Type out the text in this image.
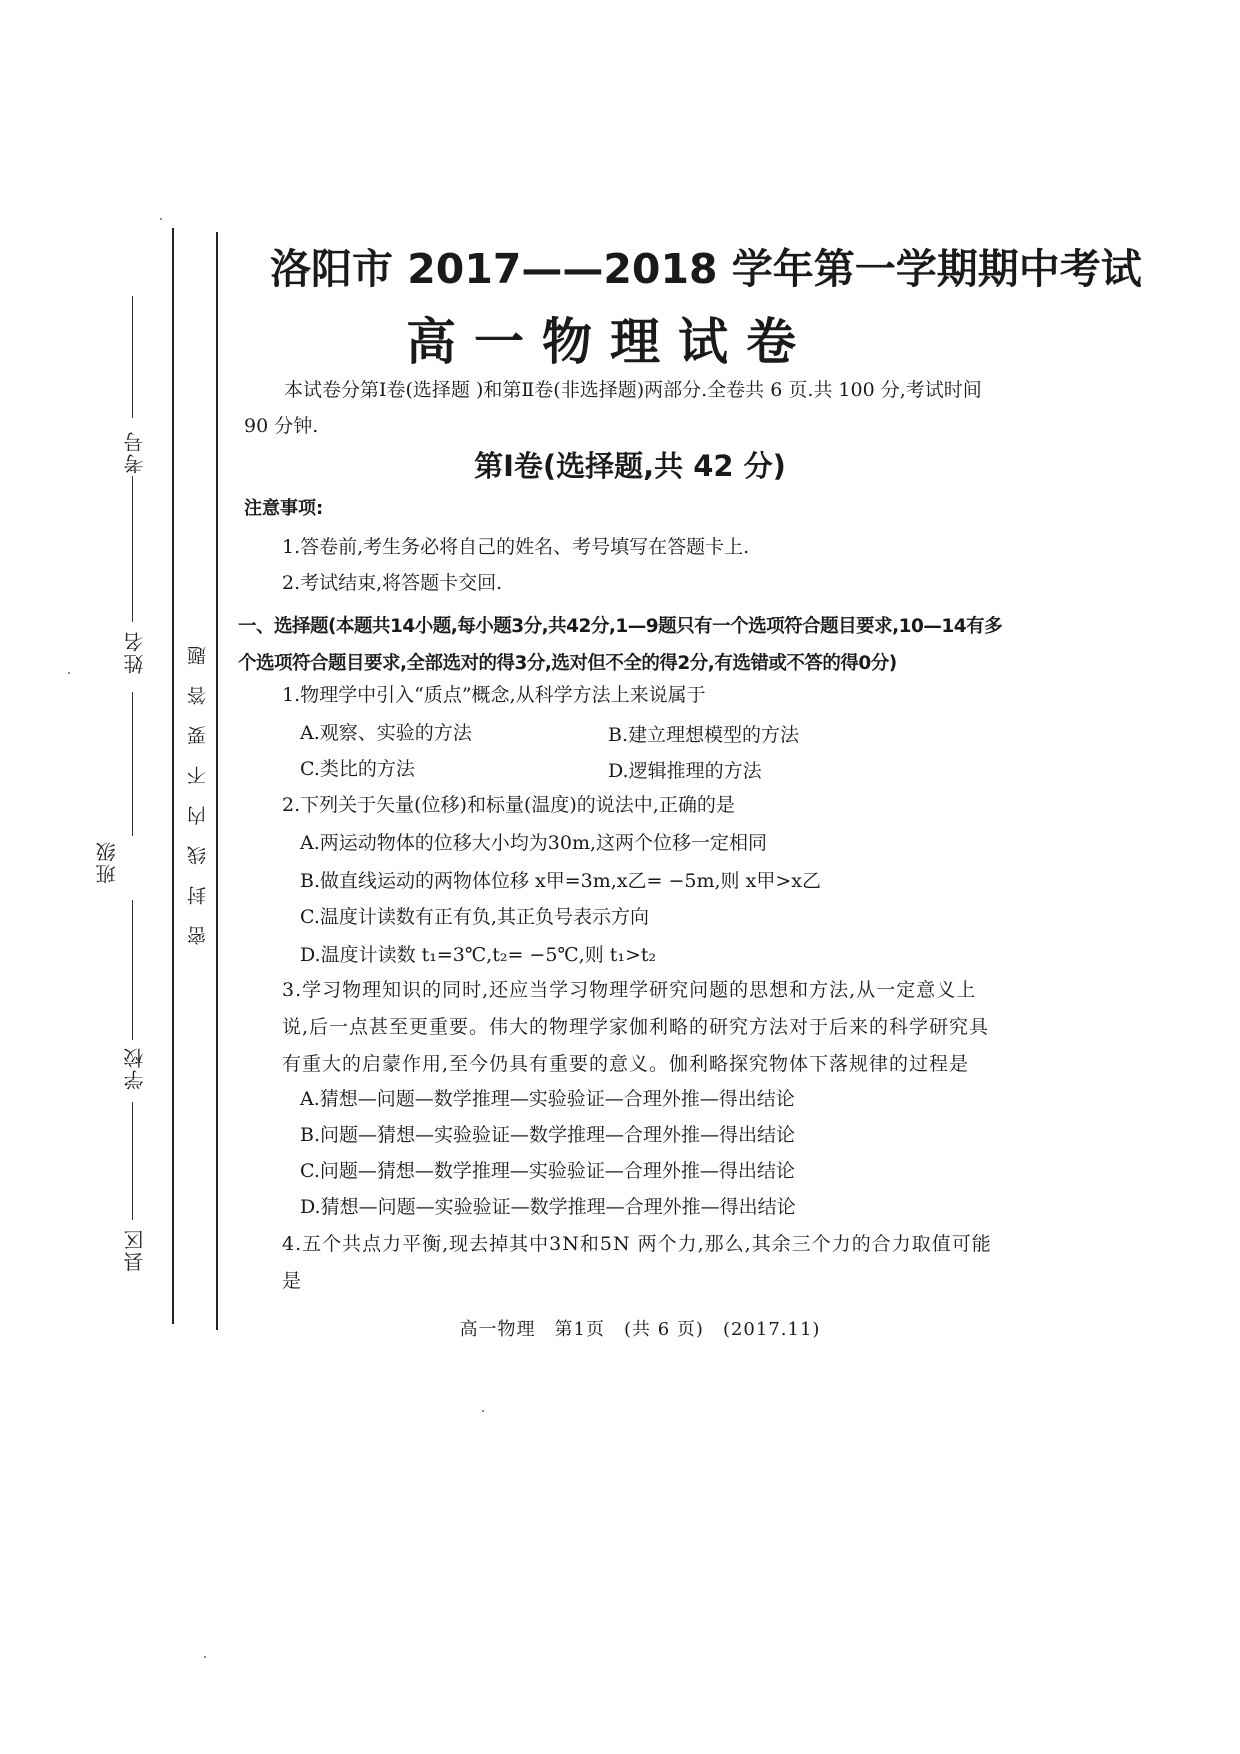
考号
姓名
班级
学校
县区
题
答
要
不
内
线
封
密
洛阳市 2017——2018 学年第一学期期中考试
高一物理试卷
本试卷分第Ⅰ卷(选择题 )和第Ⅱ卷(非选择题)两部分.全卷共 6 页.共 100 分,考试时间 90 分钟.
第Ⅰ卷(选择题,共 42 分)
注意事项:
1.答卷前,考生务必将自己的姓名、考号填写在答题卡上.
2.考试结束,将答题卡交回.
一、选择题(本题共14小题,每小题3分,共42分,1—9题只有一个选项符合题目要求,10—14有多个选项符合题目要求,全部选对的得3分,选对但不全的得2分,有选错或不答的得0分)
1.物理学中引入“质点”概念,从科学方法上来说属于
A.观察、实验的方法	B.建立理想模型的方法
C.类比的方法	D.逻辑推理的方法
2.下列关于矢量(位移)和标量(温度)的说法中,正确的是
A.两运动物体的位移大小均为30m,这两个位移一定相同
B.做直线运动的两物体位移 x甲=3m,x乙= −5m,则 x甲>x乙
C.温度计读数有正有负,其正负号表示方向
D.温度计读数 t₁=3℃,t₂= −5℃,则 t₁>t₂
3.学习物理知识的同时,还应当学习物理学研究问题的思想和方法,从一定意义上说,后一点甚至更重要。伟大的物理学家伽利略的研究方法对于后来的科学研究具有重大的启蒙作用,至今仍具有重要的意义。伽利略探究物体下落规律的过程是
A.猜想—问题—数学推理—实验验证—合理外推—得出结论
B.问题—猜想—实验验证—数学推理—合理外推—得出结论
C.问题—猜想—数学推理—实验验证—合理外推—得出结论
D.猜想—问题—实验验证—数学推理—合理外推—得出结论
4.五个共点力平衡,现去掉其中3N和5N 两个力,那么,其余三个力的合力取值可能是
高一物理　第1页　(共 6 页)　(2017.11)
